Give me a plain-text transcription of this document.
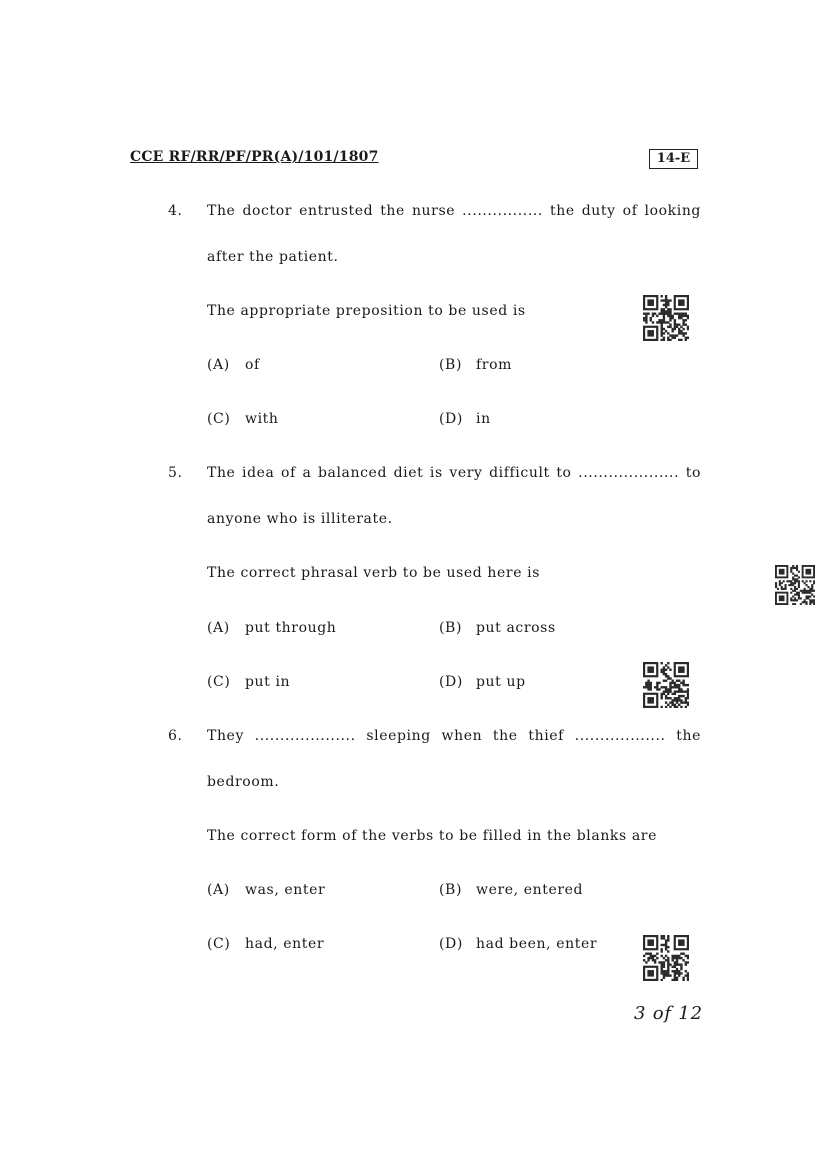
CCE RF/RR/PF/PR(A)/101/1807	14-E
4. The doctor entrusted the nurse ................ the duty of looking
after the patient.
The appropriate preposition to be used is
(A) of	(B) from
(C) with	(D) in
5. The idea of a balanced diet is very difficult to .................... to
anyone who is illiterate.
The correct phrasal verb to be used here is
(A) put through	(B) put across
(C) put in	(D) put up
6. They .................... sleeping when the thief .................. the
bedroom.
The correct form of the verbs to be filled in the blanks are
(A) was, enter	(B) were, entered
(C) had, enter	(D) had been, enter
3 of 12
